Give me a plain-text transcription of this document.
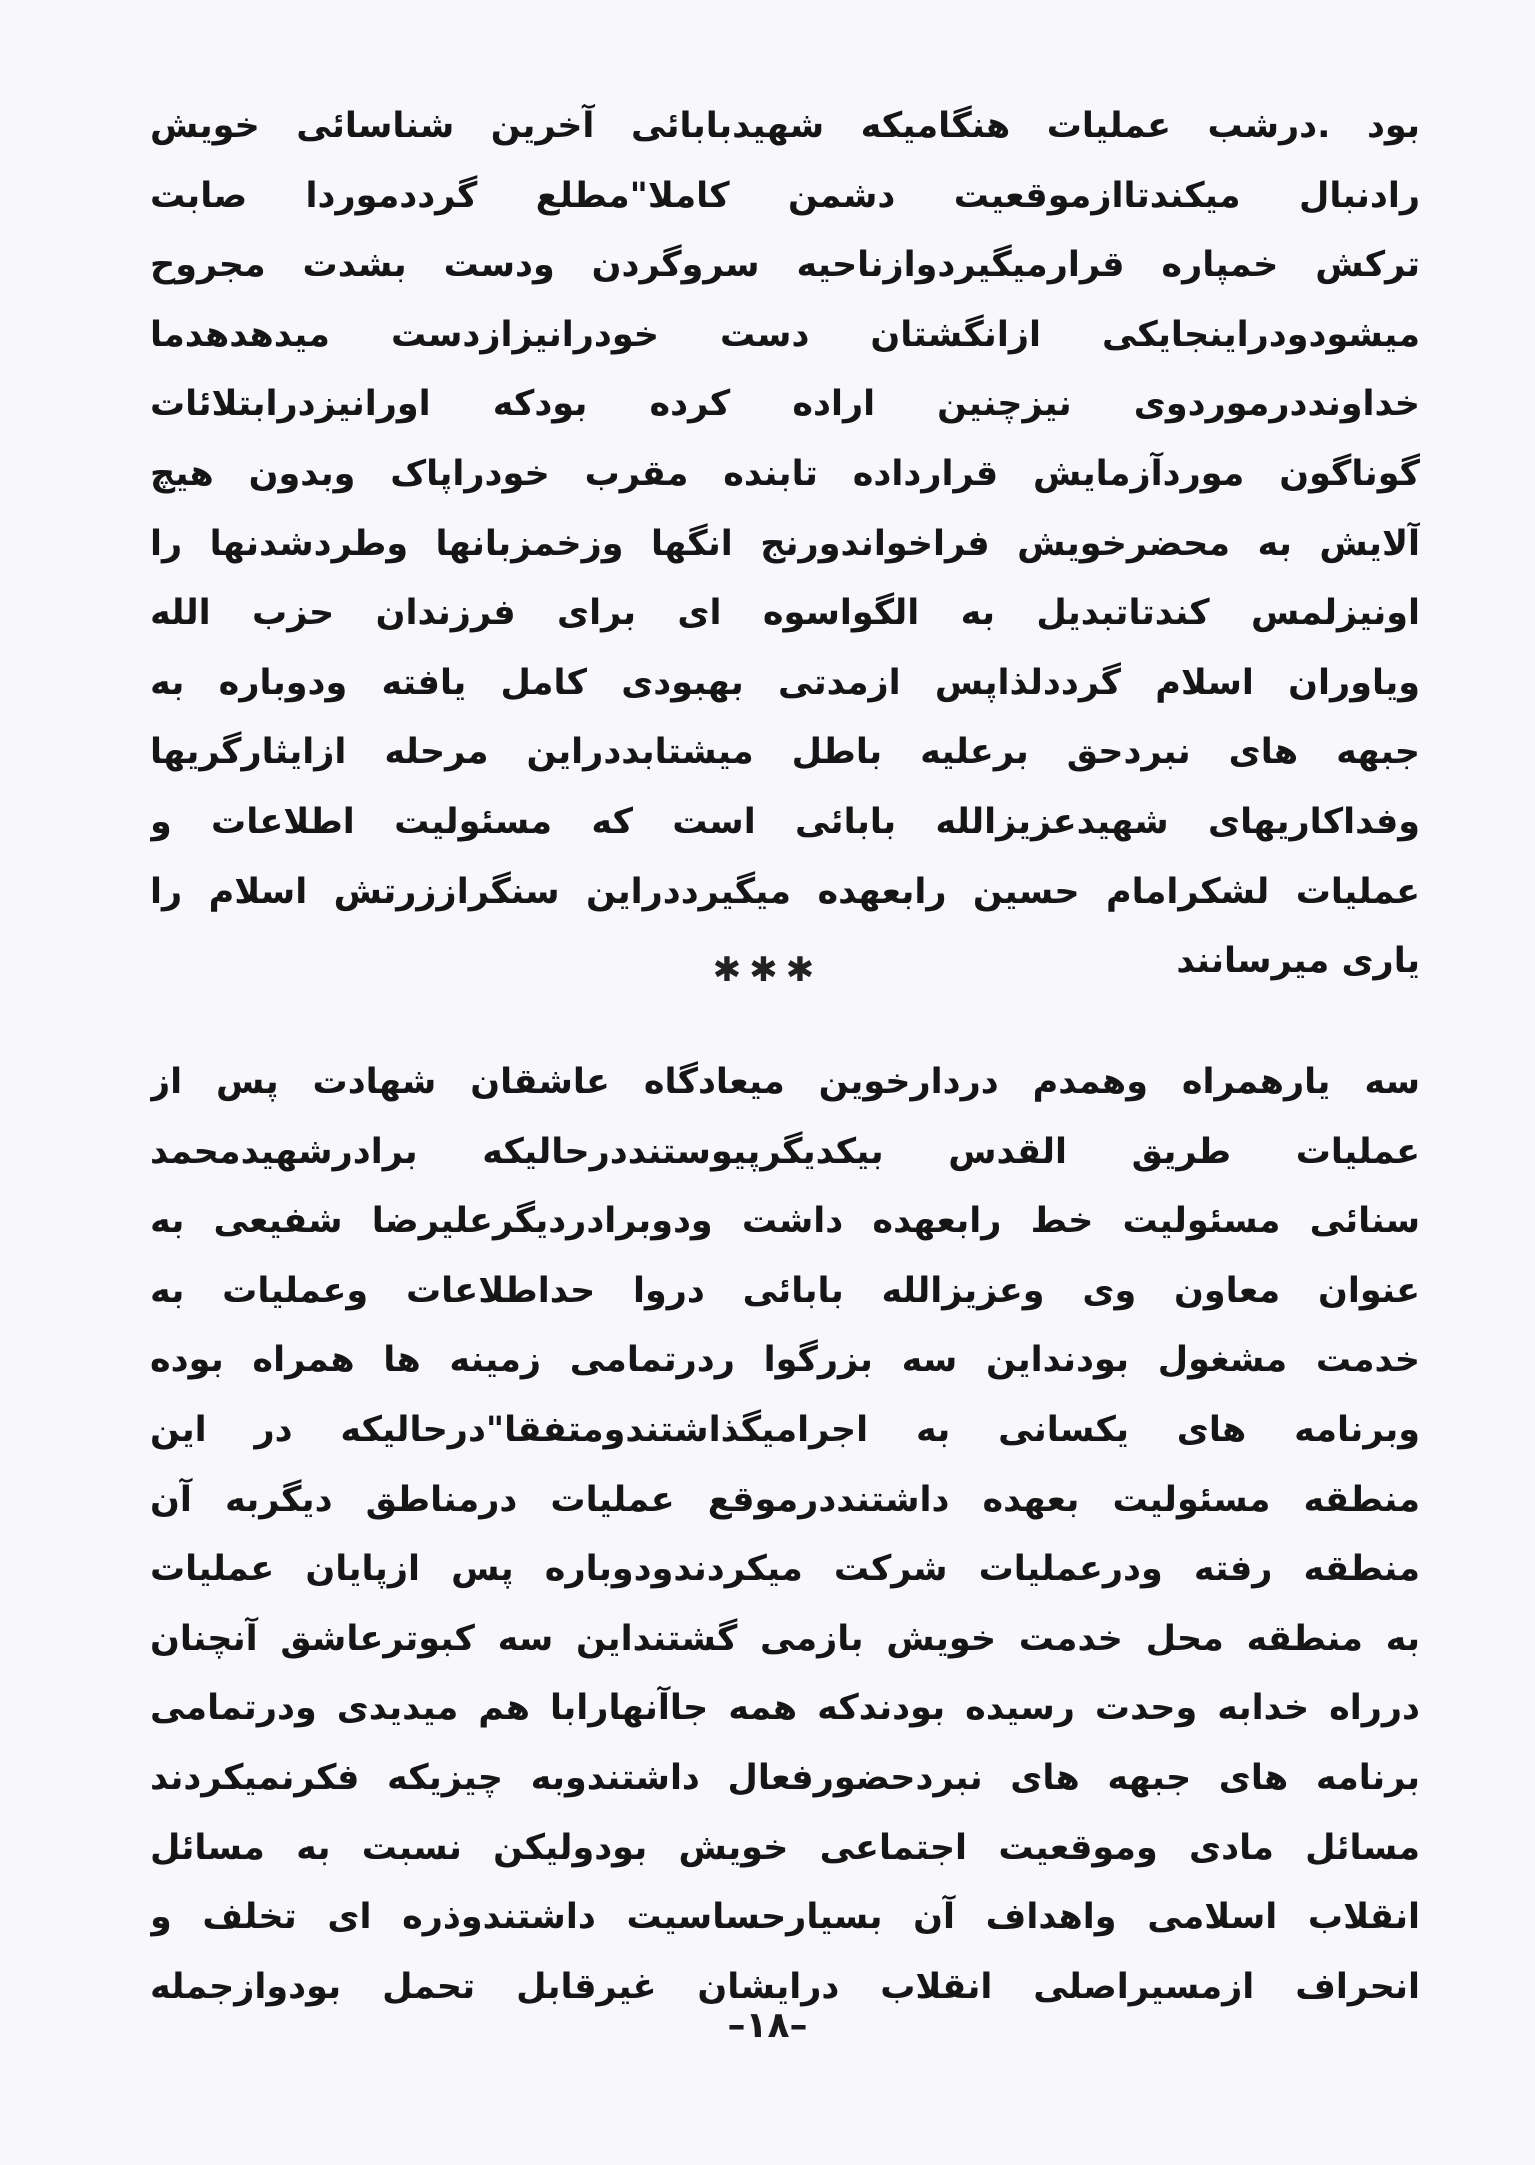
بود .درشب عملیات هنگامیکه شهیدبابائی آخرین شناسائی خویش
رادنبال میکندتاازموقعیت دشمن کاملا"مطلع گرددموردا صابت
ترکش خمپاره قرارمیگیردوازناحیه سروگردن ودست بشدت مجروح
میشودودراینجایکی ازانگشتان دست خودرانیزازدست میدهدهدما
خداونددرموردوی نیزچنین اراده کرده بودکه اورانیزدرابتلائات
گوناگون موردآزمایش قرارداده تابنده مقرب خودراپاک وبدون هیچ
آلایش به محضرخویش فراخواندورنج انگها وزخمزبانها وطردشدنها را
اونیزلمس کندتاتبدیل به الگواسوه ای برای فرزندان حزب الله
ویاوران اسلام گرددلذاپس ازمدتی بهبودی کامل یافته ودوباره به
جبهه های نبردحق برعلیه باطل میشتابددراین مرحله ازایثارگریها
وفداکاریهای شهیدعزیزالله بابائی است که مسئولیت اطلاعات و
عملیات لشکرامام حسین رابعهده میگیرددراین سنگراززرتش اسلام را
یاری میرسانند
✱✱✱
سه یارهمراه وهمدم دردارخوین میعادگاه عاشقان شهادت پس از
عملیات طریق القدس بیکدیگرپیوستنددرحالیکه برادرشهیدمحمد
سنائی مسئولیت خط رابعهده داشت ودوبرادردیگرعلیرضا شفیعی به
عنوان معاون وی وعزیزالله بابائی دروا حداطلاعات وعملیات به
خدمت مشغول بودنداین سه بزرگوا ردرتمامی زمینه ها همراه بوده
وبرنامه های یکسانی به اجرامیگذاشتندومتفقا"درحالیکه در این
منطقه مسئولیت بعهده داشتنددرموقع عملیات درمناطق دیگربه آن
منطقه رفته ودرعملیات شرکت میکردندودوباره پس ازپایان عملیات
به منطقه محل خدمت خویش بازمی گشتنداین سه کبوترعاشق آنچنان
درراه خدابه وحدت رسیده بودندکه همه جاآنهارابا هم میدیدی ودرتمامی
برنامه های جبهه های نبردحضورفعال داشتندوبه چیزیکه فکرنمیکردند
مسائل مادی وموقعیت اجتماعی خویش بودولیکن نسبت به مسائل
انقلاب اسلامی واهداف آن بسیارحساسیت داشتندوذره ای تخلف و
انحراف ازمسیراصلی انقلاب درایشان غیرقابل تحمل بودوازجمله
–۱۸–
